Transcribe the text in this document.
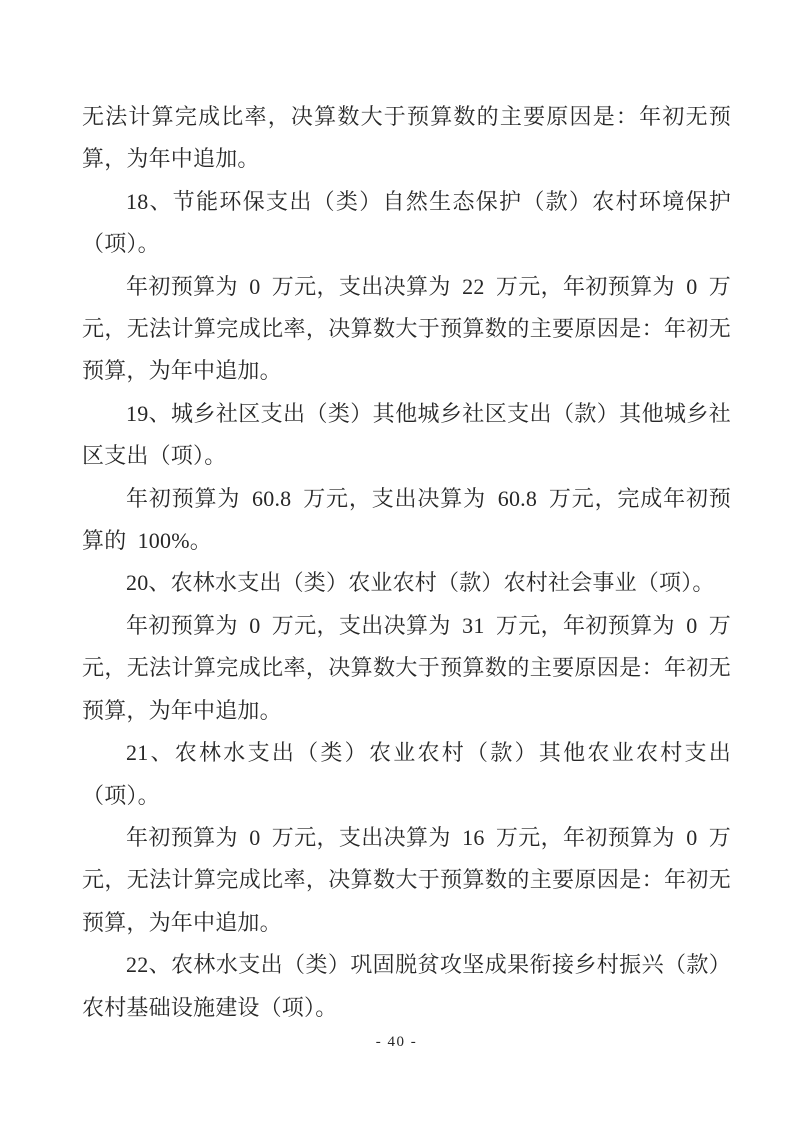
无法计算完成比率，决算数大于预算数的主要原因是：年初无预算，为年中追加。

18、节能环保支出（类）自然生态保护（款）农村环境保护（项）。

年初预算为 0 万元，支出决算为 22 万元，年初预算为 0 万元，无法计算完成比率，决算数大于预算数的主要原因是：年初无预算，为年中追加。

19、城乡社区支出（类）其他城乡社区支出（款）其他城乡社区支出（项）。

年初预算为 60.8 万元，支出决算为 60.8 万元，完成年初预算的 100%。

20、农林水支出（类）农业农村（款）农村社会事业（项）。

年初预算为 0 万元，支出决算为 31 万元，年初预算为 0 万元，无法计算完成比率，决算数大于预算数的主要原因是：年初无预算，为年中追加。

21、农林水支出（类）农业农村（款）其他农业农村支出（项）。

年初预算为 0 万元，支出决算为 16 万元，年初预算为 0 万元，无法计算完成比率，决算数大于预算数的主要原因是：年初无预算，为年中追加。

22、农林水支出（类）巩固脱贫攻坚成果衔接乡村振兴（款）农村基础设施建设（项）。

- 40 -
